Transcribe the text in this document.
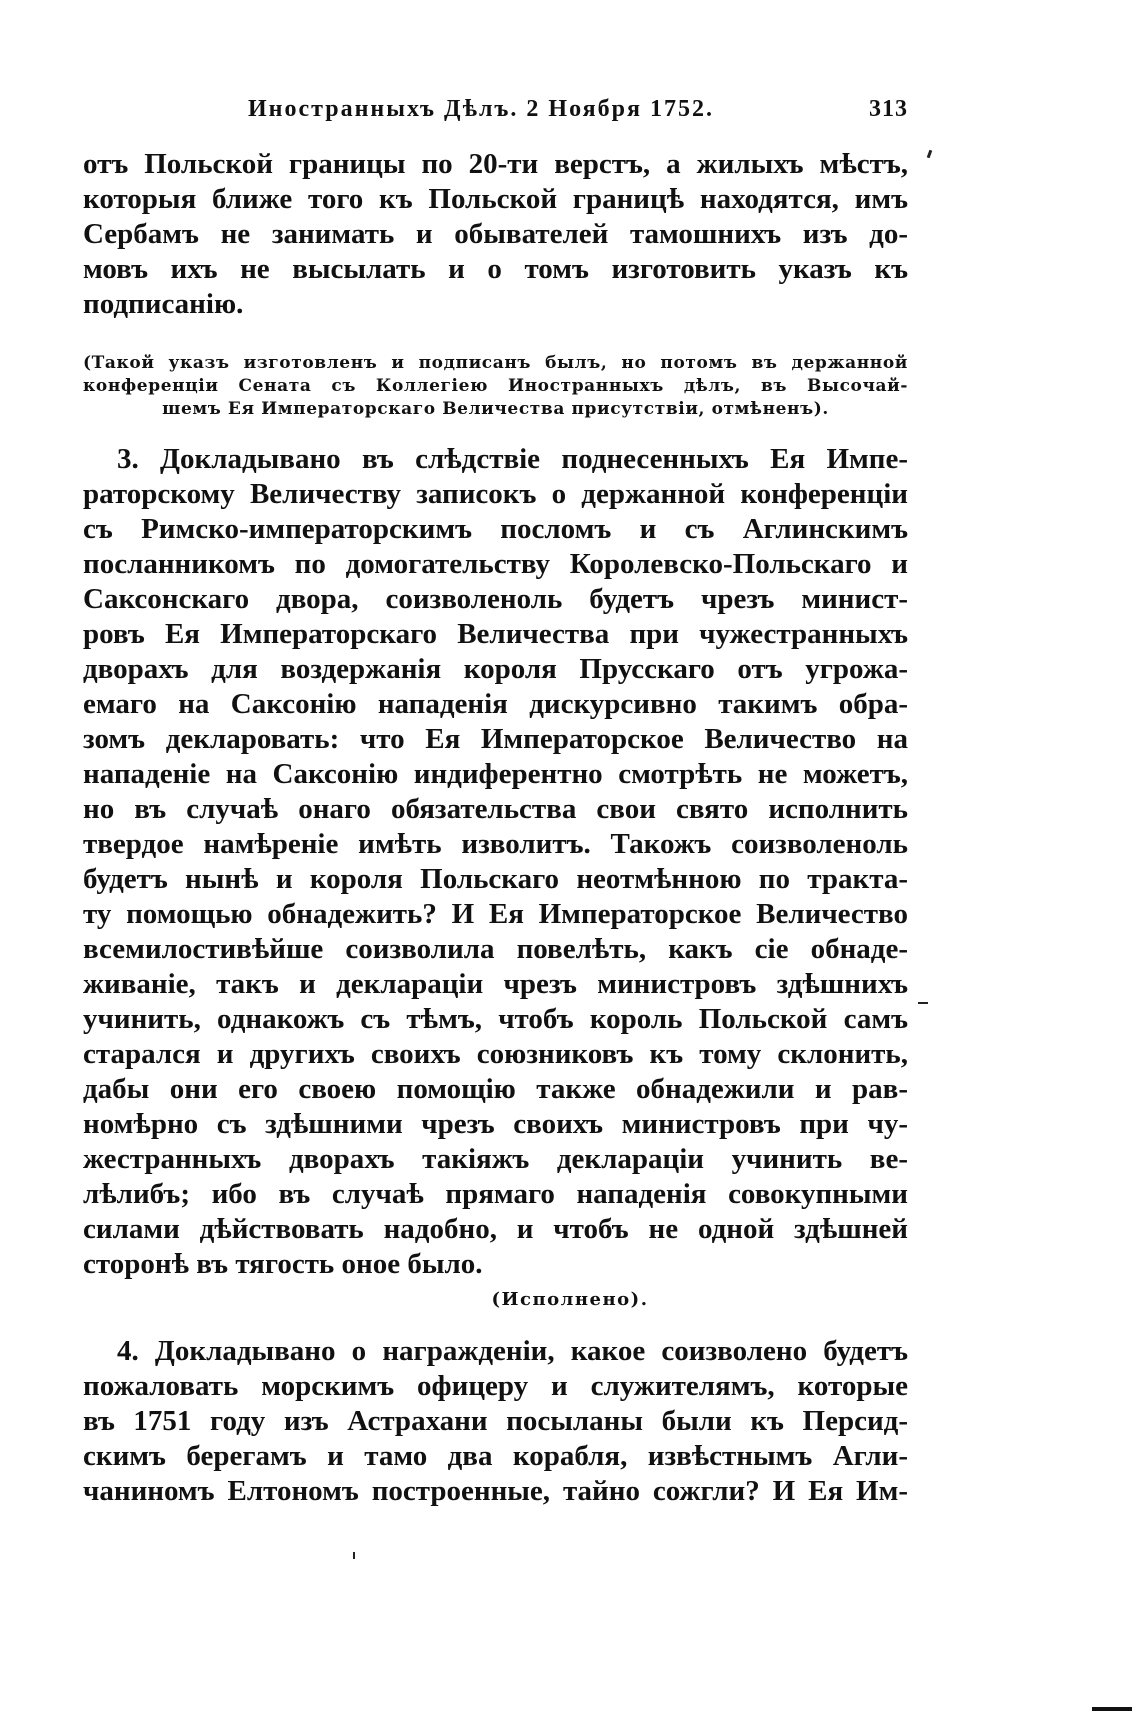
Иностранныхъ Дѣлъ. 2 Ноября 1752.	313
отъ Польской границы по 20-ти верстъ, а жилыхъ мѣстъ,
которыя ближе того къ Польской границѣ находятся, имъ
Сербамъ не занимать и обывателей тамошнихъ изъ до-
мовъ ихъ не высылать и о томъ изготовить указъ къ
подписанію.
(Такой указъ изготовленъ и подписанъ былъ, но потомъ въ держанной
конференціи Сената съ Коллегіею Иностранныхъ дѣлъ, въ Высочай-
шемъ Ея Императорскаго Величества присутствіи, отмѣненъ).
3. Докладывано въ слѣдствіе поднесенныхъ Ея Импе-
раторскому Величеству записокъ о держанной конференціи
съ Римско-императорскимъ посломъ и съ Аглинскимъ
посланникомъ по домогательству Королевско-Польскаго и
Саксонскаго двора, соизволеноль будетъ чрезъ минист-
ровъ Ея Императорскаго Величества при чужестранныхъ
дворахъ для воздержанія короля Прусскаго отъ угрожа-
емаго на Саксонію нападенія дискурсивно такимъ обра-
зомъ декларовать: что Ея Императорское Величество на
нападеніе на Саксонію индиферентно смотрѣть не можетъ,
но въ случаѣ онаго обязательства свои свято исполнить
твердое намѣреніе имѣть изволитъ. Такожъ соизволеноль
будетъ нынѣ и короля Польскаго неотмѣнною по тракта-
ту помощью обнадежить? И Ея Императорское Величество
всемилостивѣйше соизволила повелѣть, какъ сіе обнаде-
живаніе, такъ и деклараціи чрезъ министровъ здѣшнихъ
учинить, однакожъ съ тѣмъ, чтобъ король Польской самъ
старался и другихъ своихъ союзниковъ къ тому склонить,
дабы они его своею помощію также обнадежили и рав-
номѣрно съ здѣшними чрезъ своихъ министровъ при чу-
жестранныхъ дворахъ такіяжъ деклараціи учинить ве-
лѣлибъ; ибо въ случаѣ прямаго нападенія совокупными
силами дѣйствовать надобно, и чтобъ не одной здѣшней
сторонѣ въ тягость оное было.
(Исполнено).
4. Докладывано о награжденіи, какое соизволено будетъ
пожаловать морскимъ офицеру и служителямъ, которые
въ 1751 году изъ Астрахани посыланы были къ Персид-
скимъ берегамъ и тамо два корабля, извѣстнымъ Агли-
чаниномъ Елтономъ построенные, тайно сожгли? И Ея Им-
